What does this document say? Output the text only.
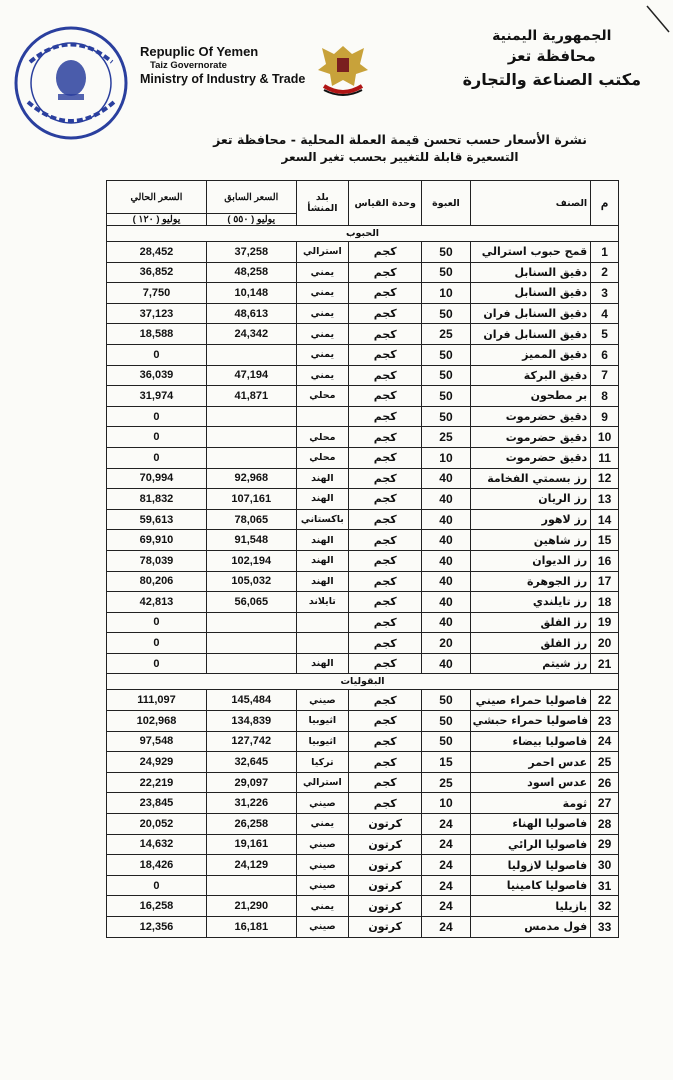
Repuplic Of Yemen
Taiz Governorate
Ministry of Industry & Trade
الجمهورية اليمنية
محافظة تعز
مكتب الصناعة والتجارة
نشرة الأسعار حسب تحسن قيمة العملة المحلية - محافظة تعز
التسعيرة قابلة للتغيير بحسب تغير السعر
م	الصنف	العبوة	وحدة القياس	بلد المنشأ	السعر السابق	السعر الحالي
					يوليو ( ٥٥٠ )	يوليو ( ١٢٠ )
الحبوب						
1	قمح حبوب استرالي	50	كجم	استرالي	37,258	28,452
2	دقيق السنابل	50	كجم	يمني	48,258	36,852
3	دقيق السنابل	10	كجم	يمني	10,148	7,750
4	دقيق السنابل فران	50	كجم	يمني	48,613	37,123
5	دقيق السنابل فران	25	كجم	يمني	24,342	18,588
6	دقيق المميز	50	كجم	يمني		0
7	دقيق البركة	50	كجم	يمني	47,194	36,039
8	بر مطحون	50	كجم	محلي	41,871	31,974
9	دقيق حضرموت	50	كجم			0
10	دقيق حضرموت	25	كجم	محلي		0
11	دقيق حضرموت	10	كجم	محلي		0
12	رز بسمتي الفخامة	40	كجم	الهند	92,968	70,994
13	رز الريان	40	كجم	الهند	107,161	81,832
14	رز لاهور	40	كجم	باكستاني	78,065	59,613
15	رز شاهين	40	كجم	الهند	91,548	69,910
16	رز الديوان	40	كجم	الهند	102,194	78,039
17	رز الجوهرة	40	كجم	الهند	105,032	80,206
18	رز تايلندي	40	كجم	تايلاند	56,065	42,813
19	رز الفلق	40	كجم			0
20	رز الفلق	20	كجم			0
21	رز شيتم	40	كجم	الهند		0
البقوليات						
22	فاصوليا حمراء صيني	50	كجم	صيني	145,484	111,097
23	فاصوليا حمراء حبشي	50	كجم	اثيوبيا	134,839	102,968
24	فاصوليا بيضاء	50	كجم	اثيوبيا	127,742	97,548
25	عدس احمر	15	كجم	تركيا	32,645	24,929
26	عدس اسود	25	كجم	استرالي	29,097	22,219
27	ثومة	10	كجم	صيني	31,226	23,845
28	فاصوليا الهناء	24	كرتون	يمني	26,258	20,052
29	فاصوليا الرائي	24	كرتون	صيني	19,161	14,632
30	فاصوليا لازوليا	24	كرتون	صيني	24,129	18,426
31	فاصوليا كامينيا	24	كرتون	صيني		0
32	بازيليا	24	كرتون	يمني	21,290	16,258
33	فول مدمس	24	كرتون	صيني	16,181	12,356
